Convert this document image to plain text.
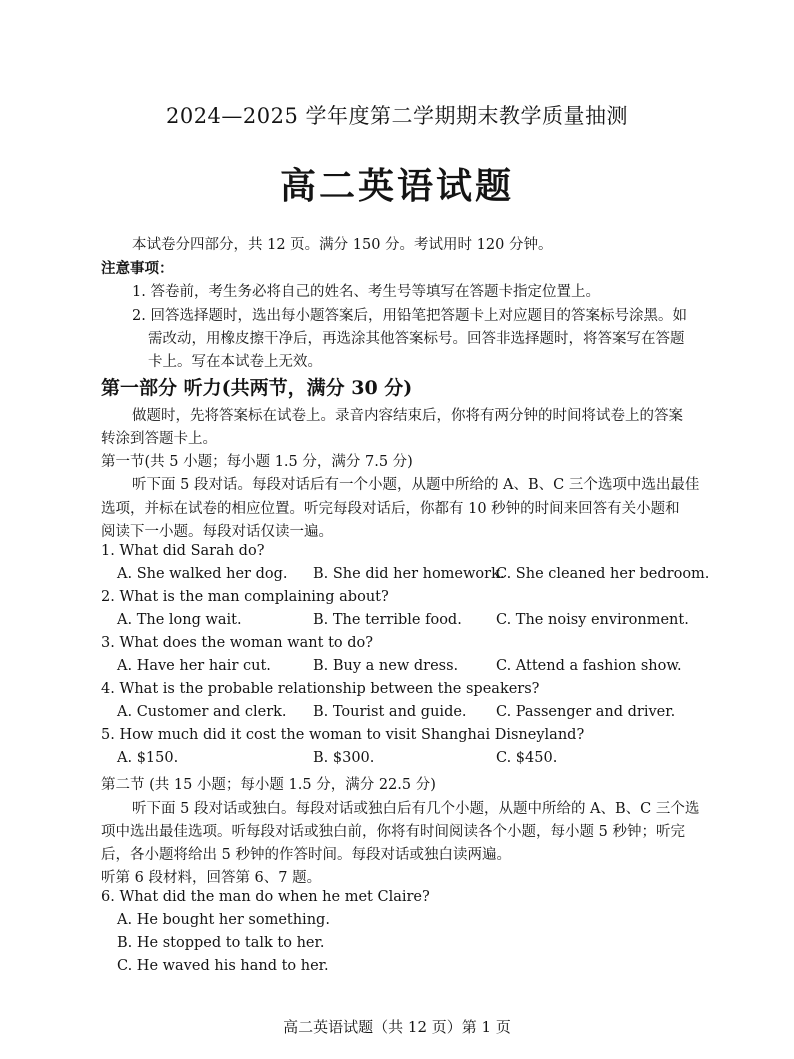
2024—2025 学年度第二学期期末教学质量抽测
高二英语试题
本试卷分四部分，共 12 页。满分 150 分。考试用时 120 分钟。
注意事项：
1. 答卷前，考生务必将自己的姓名、考生号等填写在答题卡指定位置上。
2. 回答选择题时，选出每小题答案后，用铅笔把答题卡上对应题目的答案标号涂黑。如
需改动，用橡皮擦干净后，再选涂其他答案标号。回答非选择题时，将答案写在答题
卡上。写在本试卷上无效。
第一部分 听力(共两节，满分 30 分)
做题时，先将答案标在试卷上。录音内容结束后，你将有两分钟的时间将试卷上的答案
转涂到答题卡上。
第一节(共 5 小题；每小题 1.5 分，满分 7.5 分)
听下面 5 段对话。每段对话后有一个小题，从题中所给的 A、B、C 三个选项中选出最佳
选项，并标在试卷的相应位置。听完每段对话后，你都有 10 秒钟的时间来回答有关小题和
阅读下一小题。每段对话仅读一遍。
1. What did Sarah do?
A. She walked her dog. B. She did her homework.
C. She cleaned her bedroom.
2. What is the man complaining about?
A. The long wait.	B. The terrible food. C. The noisy environment.
3. What does the woman want to do?
A. Have her hair cut.	B. Buy a new dress.	C. Attend a fashion show.
4. What is the probable relationship between the speakers?
A. Customer and clerk. B. Tourist and guide. C. Passenger and driver.
5. How much did it cost the woman to visit Shanghai Disneyland?
A. $150.	B. $300.	C. $450.
第二节 (共 15 小题；每小题 1.5 分，满分 22.5 分)
听下面 5 段对话或独白。每段对话或独白后有几个小题，从题中所给的 A、B、C 三个选
项中选出最佳选项。听每段对话或独白前，你将有时间阅读各个小题，每小题 5 秒钟；听完
后，各小题将给出 5 秒钟的作答时间。每段对话或独白读两遍。
听第 6 段材料，回答第 6、7 题。
6. What did the man do when he met Claire?
A. He bought her something.
B. He stopped to talk to her.
C. He waved his hand to her.
高二英语试题（共 12 页）第 1 页
